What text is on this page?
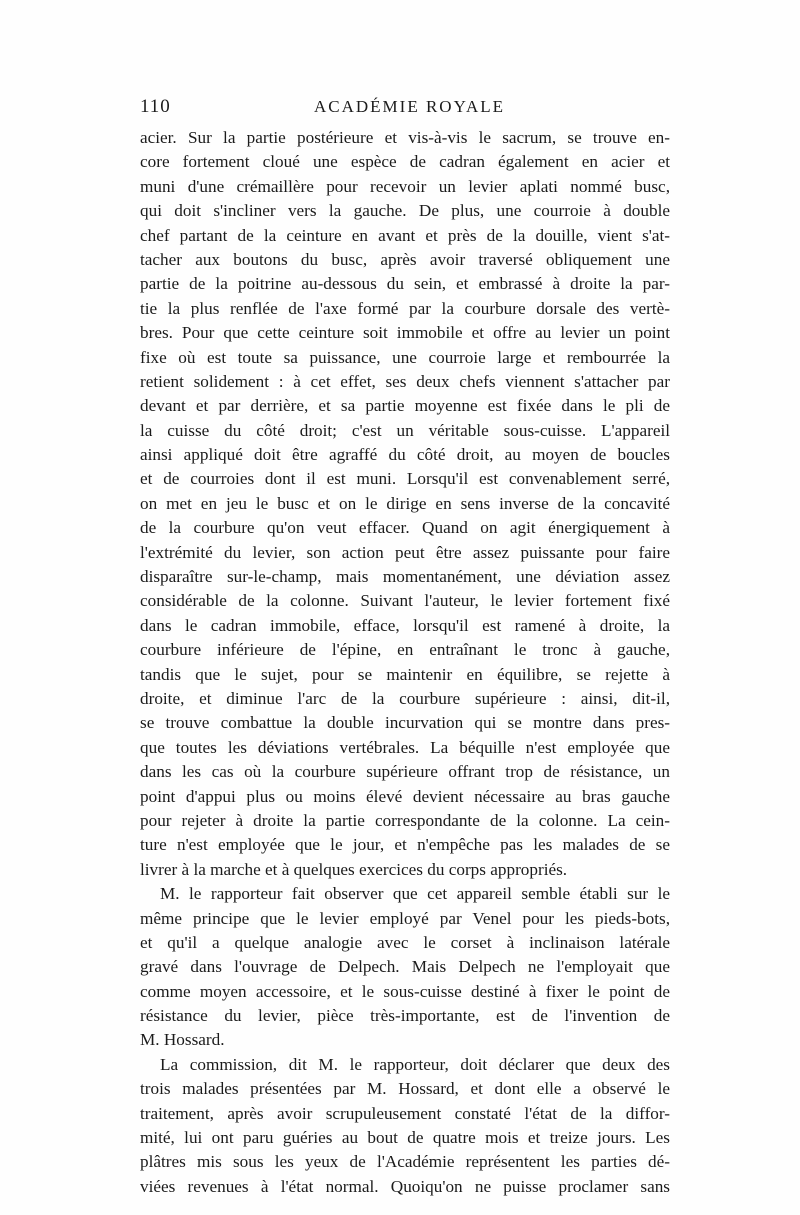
110	ACADÉMIE ROYALE
acier. Sur la partie postérieure et vis-à-vis le sacrum, se trouve en-
core fortement cloué une espèce de cadran également en acier et
muni d'une crémaillère pour recevoir un levier aplati nommé busc,
qui doit s'incliner vers la gauche. De plus, une courroie à double
chef partant de la ceinture en avant et près de la douille, vient s'at-
tacher aux boutons du busc, après avoir traversé obliquement une
partie de la poitrine au-dessous du sein, et embrassé à droite la par-
tie la plus renflée de l'axe formé par la courbure dorsale des vertè-
bres. Pour que cette ceinture soit immobile et offre au levier un point
fixe où est toute sa puissance, une courroie large et rembourrée la
retient solidement : à cet effet, ses deux chefs viennent s'attacher par
devant et par derrière, et sa partie moyenne est fixée dans le pli de
la cuisse du côté droit; c'est un véritable sous-cuisse. L'appareil
ainsi appliqué doit être agraffé du côté droit, au moyen de boucles
et de courroies dont il est muni. Lorsqu'il est convenablement serré,
on met en jeu le busc et on le dirige en sens inverse de la concavité
de la courbure qu'on veut effacer. Quand on agit énergiquement à
l'extrémité du levier, son action peut être assez puissante pour faire
disparaître sur-le-champ, mais momentanément, une déviation assez
considérable de la colonne. Suivant l'auteur, le levier fortement fixé
dans le cadran immobile, efface, lorsqu'il est ramené à droite, la
courbure inférieure de l'épine, en entraînant le tronc à gauche,
tandis que le sujet, pour se maintenir en équilibre, se rejette à
droite, et diminue l'arc de la courbure supérieure : ainsi, dit-il,
se trouve combattue la double incurvation qui se montre dans pres-
que toutes les déviations vertébrales. La béquille n'est employée que
dans les cas où la courbure supérieure offrant trop de résistance, un
point d'appui plus ou moins élevé devient nécessaire au bras gauche
pour rejeter à droite la partie correspondante de la colonne. La cein-
ture n'est employée que le jour, et n'empêche pas les malades de se
livrer à la marche et à quelques exercices du corps appropriés.
M. le rapporteur fait observer que cet appareil semble établi sur le
même principe que le levier employé par Venel pour les pieds-bots,
et qu'il a quelque analogie avec le corset à inclinaison latérale
gravé dans l'ouvrage de Delpech. Mais Delpech ne l'employait que
comme moyen accessoire, et le sous-cuisse destiné à fixer le point de
résistance du levier, pièce très-importante, est de l'invention de
M. Hossard.
La commission, dit M. le rapporteur, doit déclarer que deux des
trois malades présentées par M. Hossard, et dont elle a observé le
traitement, après avoir scrupuleusement constaté l'état de la diffor-
mité, lui ont paru guéries au bout de quatre mois et treize jours. Les
plâtres mis sous les yeux de l'Académie représentent les parties dé-
viées revenues à l'état normal. Quoiqu'on ne puisse proclamer sans
